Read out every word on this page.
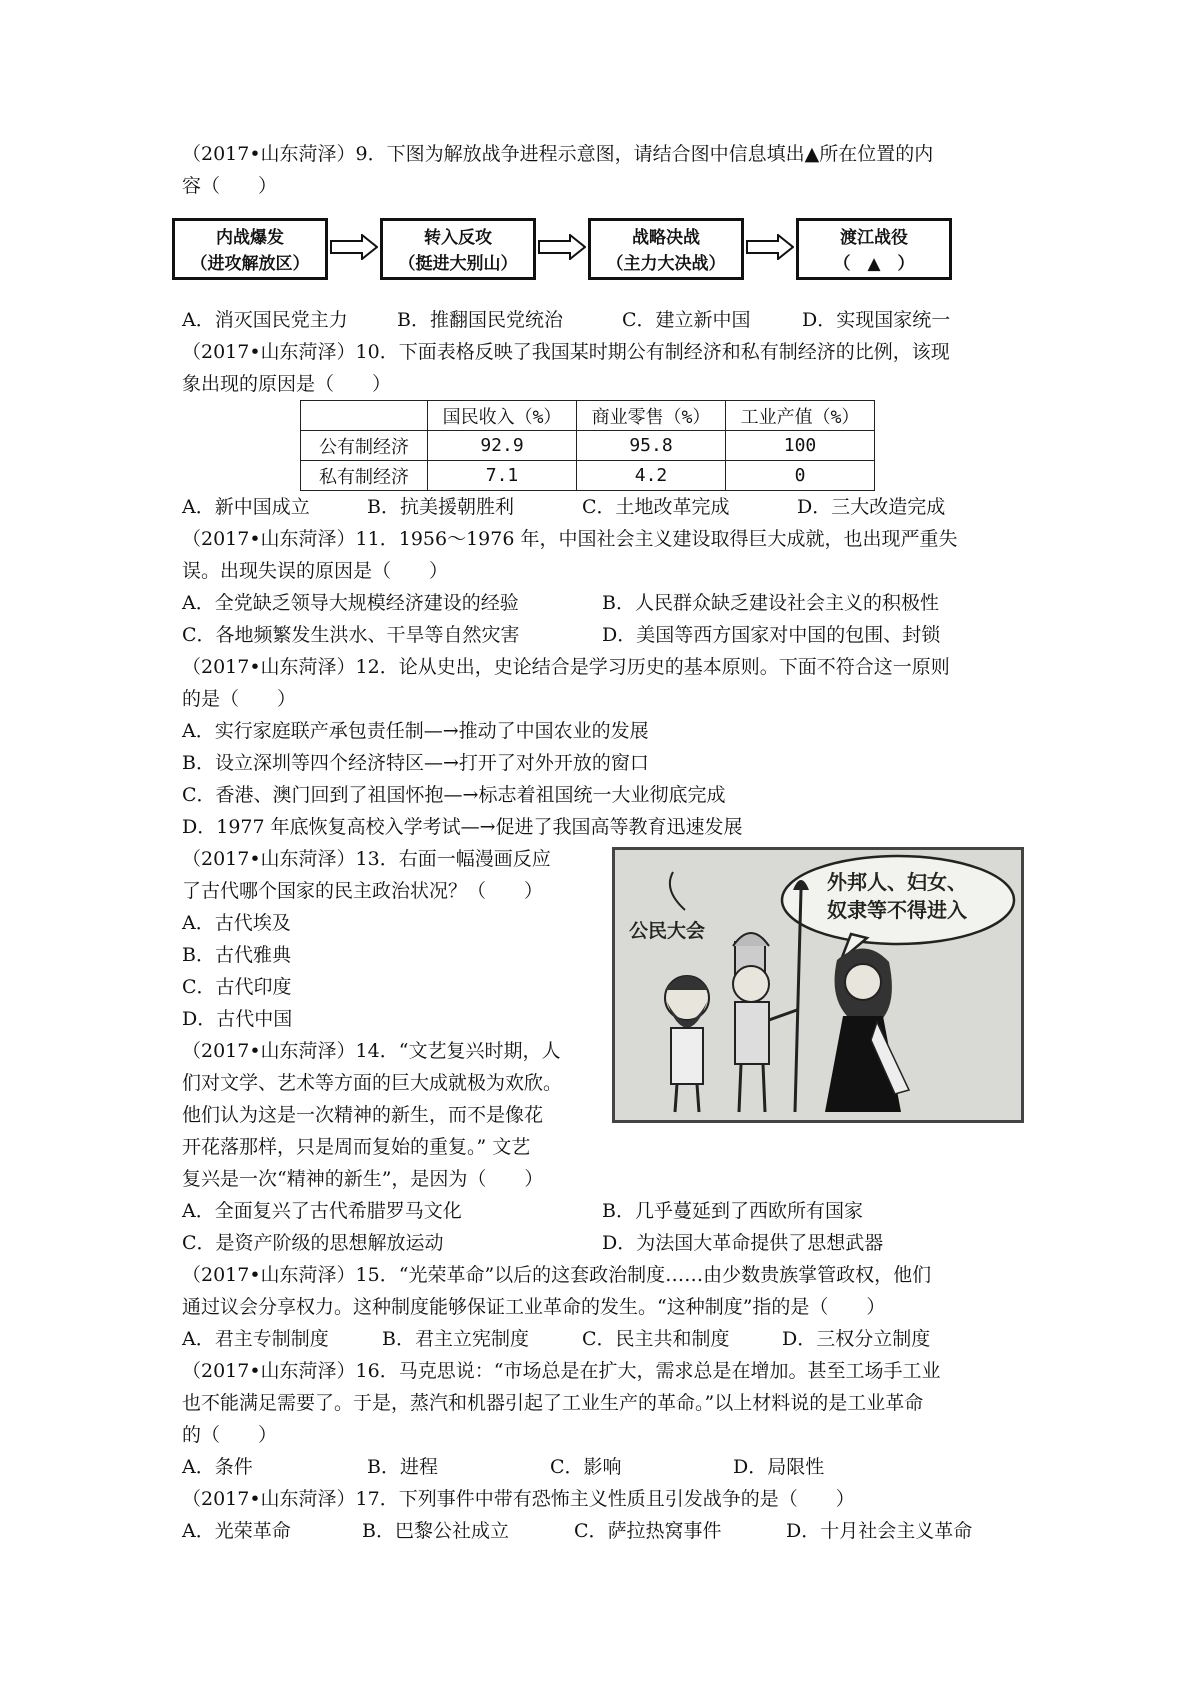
（2017•山东菏泽）9．下图为解放战争进程示意图，请结合图中信息填出▲所在位置的内
容（　　）
内战爆发
（进攻解放区）
转入反攻
（挺进大别山）
战略决战
（主力大决战）
渡江战役
（　▲　）
A．消灭国民党主力	B．推翻国民党统治	C．建立新中国	D．实现国家统一
（2017•山东菏泽）10．下面表格反映了我国某时期公有制经济和私有制经济的比例，该现
象出现的原因是（　　）
	国民收入（%）	商业零售（%）	工业产值（%）
公有制经济	92.9	95.8	100
私有制经济	7.1	4.2	0
A．新中国成立	B．抗美援朝胜利	C．土地改革完成	D．三大改造完成
（2017•山东菏泽）11．1956～1976 年，中国社会主义建设取得巨大成就，也出现严重失
误。出现失误的原因是（　　）
A．全党缺乏领导大规模经济建设的经验	B．人民群众缺乏建设社会主义的积极性
C．各地频繁发生洪水、干旱等自然灾害	D．美国等西方国家对中国的包围、封锁
（2017•山东菏泽）12．论从史出，史论结合是学习历史的基本原则。下面不符合这一原则
的是（　　）
A．实行家庭联产承包责任制—→推动了中国农业的发展
B．设立深圳等四个经济特区—→打开了对外开放的窗口
C．香港、澳门回到了祖国怀抱—→标志着祖国统一大业彻底完成
D．1977 年底恢复高校入学考试—→促进了我国高等教育迅速发展
公民大会
外邦人、妇女、
奴隶等不得进入
（2017•山东菏泽）13．右面一幅漫画反应
了古代哪个国家的民主政治状况？（　　）
A．古代埃及
B．古代雅典
C．古代印度
D．古代中国
（2017•山东菏泽）14．“文艺复兴时期，人
们对文学、艺术等方面的巨大成就极为欢欣。
他们认为这是一次精神的新生，而不是像花
开花落那样，只是周而复始的重复。” 文艺
复兴是一次“精神的新生”，是因为（　　）
A．全面复兴了古代希腊罗马文化	B．几乎蔓延到了西欧所有国家
C．是资产阶级的思想解放运动	D．为法国大革命提供了思想武器
（2017•山东菏泽）15．“光荣革命”以后的这套政治制度……由少数贵族掌管政权，他们
通过议会分享权力。这种制度能够保证工业革命的发生。“这种制度”指的是（　　）
A．君主专制制度	B．君主立宪制度	C．民主共和制度	D．三权分立制度
（2017•山东菏泽）16．马克思说：“市场总是在扩大，需求总是在增加。甚至工场手工业
也不能满足需要了。于是，蒸汽和机器引起了工业生产的革命。”以上材料说的是工业革命
的（　　）
A．条件	B．进程	C．影响	D．局限性
（2017•山东菏泽）17．下列事件中带有恐怖主义性质且引发战争的是（　　）
A．光荣革命	B．巴黎公社成立	C．萨拉热窝事件	D．十月社会主义革命
